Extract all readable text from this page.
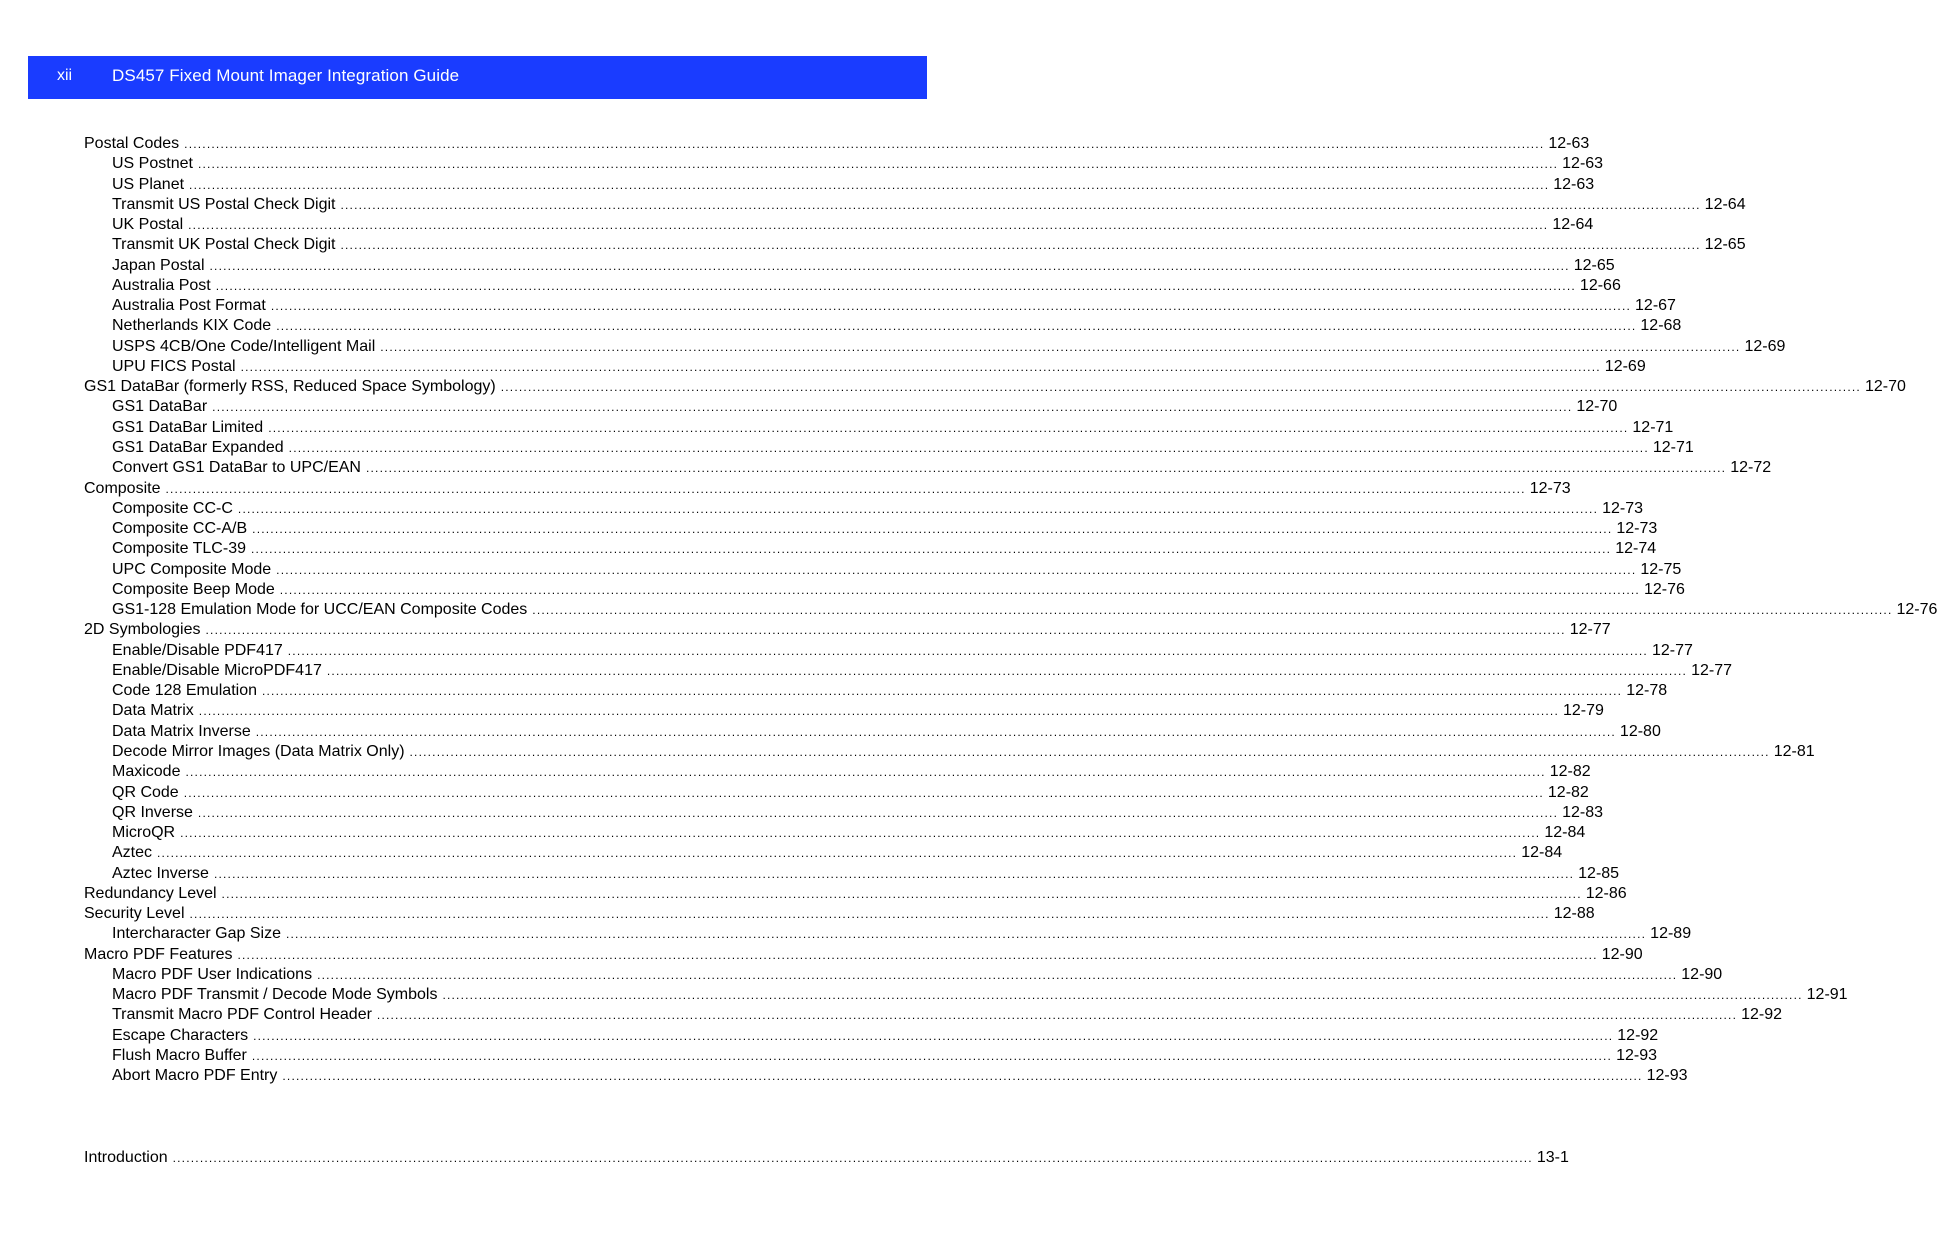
xii DS457 Fixed Mount Imager Integration Guide
Postal Codes ............................................................................................................................................................................................................................................................................................................ 12-63
US Postnet ............................................................................................................................................................................................................................................................................................................ 12-63
US Planet ............................................................................................................................................................................................................................................................................................................ 12-63
Transmit US Postal Check Digit ............................................................................................................................................................................................................................................................................................................ 12-64
UK Postal ............................................................................................................................................................................................................................................................................................................ 12-64
Transmit UK Postal Check Digit ............................................................................................................................................................................................................................................................................................................ 12-65
Japan Postal ............................................................................................................................................................................................................................................................................................................ 12-65
Australia Post ............................................................................................................................................................................................................................................................................................................ 12-66
Australia Post Format ............................................................................................................................................................................................................................................................................................................ 12-67
Netherlands KIX Code ............................................................................................................................................................................................................................................................................................................ 12-68
USPS 4CB/One Code/Intelligent Mail ............................................................................................................................................................................................................................................................................................................ 12-69
UPU FICS Postal ............................................................................................................................................................................................................................................................................................................ 12-69
GS1 DataBar (formerly RSS, Reduced Space Symbology) ............................................................................................................................................................................................................................................................................................................ 12-70
GS1 DataBar ............................................................................................................................................................................................................................................................................................................ 12-70
GS1 DataBar Limited ............................................................................................................................................................................................................................................................................................................ 12-71
GS1 DataBar Expanded ............................................................................................................................................................................................................................................................................................................ 12-71
Convert GS1 DataBar to UPC/EAN ............................................................................................................................................................................................................................................................................................................ 12-72
Composite ............................................................................................................................................................................................................................................................................................................ 12-73
Composite CC-C ............................................................................................................................................................................................................................................................................................................ 12-73
Composite CC-A/B ............................................................................................................................................................................................................................................................................................................ 12-73
Composite TLC-39 ............................................................................................................................................................................................................................................................................................................ 12-74
UPC Composite Mode ............................................................................................................................................................................................................................................................................................................ 12-75
Composite Beep Mode ............................................................................................................................................................................................................................................................................................................ 12-76
GS1-128 Emulation Mode for UCC/EAN Composite Codes ............................................................................................................................................................................................................................................................................................................ 12-76
2D Symbologies ............................................................................................................................................................................................................................................................................................................ 12-77
Enable/Disable PDF417 ............................................................................................................................................................................................................................................................................................................ 12-77
Enable/Disable MicroPDF417 ............................................................................................................................................................................................................................................................................................................ 12-77
Code 128 Emulation ............................................................................................................................................................................................................................................................................................................ 12-78
Data Matrix ............................................................................................................................................................................................................................................................................................................ 12-79
Data Matrix Inverse ............................................................................................................................................................................................................................................................................................................ 12-80
Decode Mirror Images (Data Matrix Only) ............................................................................................................................................................................................................................................................................................................ 12-81
Maxicode ............................................................................................................................................................................................................................................................................................................ 12-82
QR Code ............................................................................................................................................................................................................................................................................................................ 12-82
QR Inverse ............................................................................................................................................................................................................................................................................................................ 12-83
MicroQR ............................................................................................................................................................................................................................................................................................................ 12-84
Aztec ............................................................................................................................................................................................................................................................................................................ 12-84
Aztec Inverse ............................................................................................................................................................................................................................................................................................................ 12-85
Redundancy Level ............................................................................................................................................................................................................................................................................................................ 12-86
Security Level ............................................................................................................................................................................................................................................................................................................ 12-88
Intercharacter Gap Size ............................................................................................................................................................................................................................................................................................................ 12-89
Macro PDF Features ............................................................................................................................................................................................................................................................................................................ 12-90
Macro PDF User Indications ............................................................................................................................................................................................................................................................................................................ 12-90
Macro PDF Transmit / Decode Mode Symbols ............................................................................................................................................................................................................................................................................................................ 12-91
Transmit Macro PDF Control Header ............................................................................................................................................................................................................................................................................................................ 12-92
Escape Characters ............................................................................................................................................................................................................................................................................................................ 12-92
Flush Macro Buffer ............................................................................................................................................................................................................................................................................................................ 12-93
Abort Macro PDF Entry ............................................................................................................................................................................................................................................................................................................ 12-93
Introduction ............................................................................................................................................................................................................................................................................................................ 13-1
